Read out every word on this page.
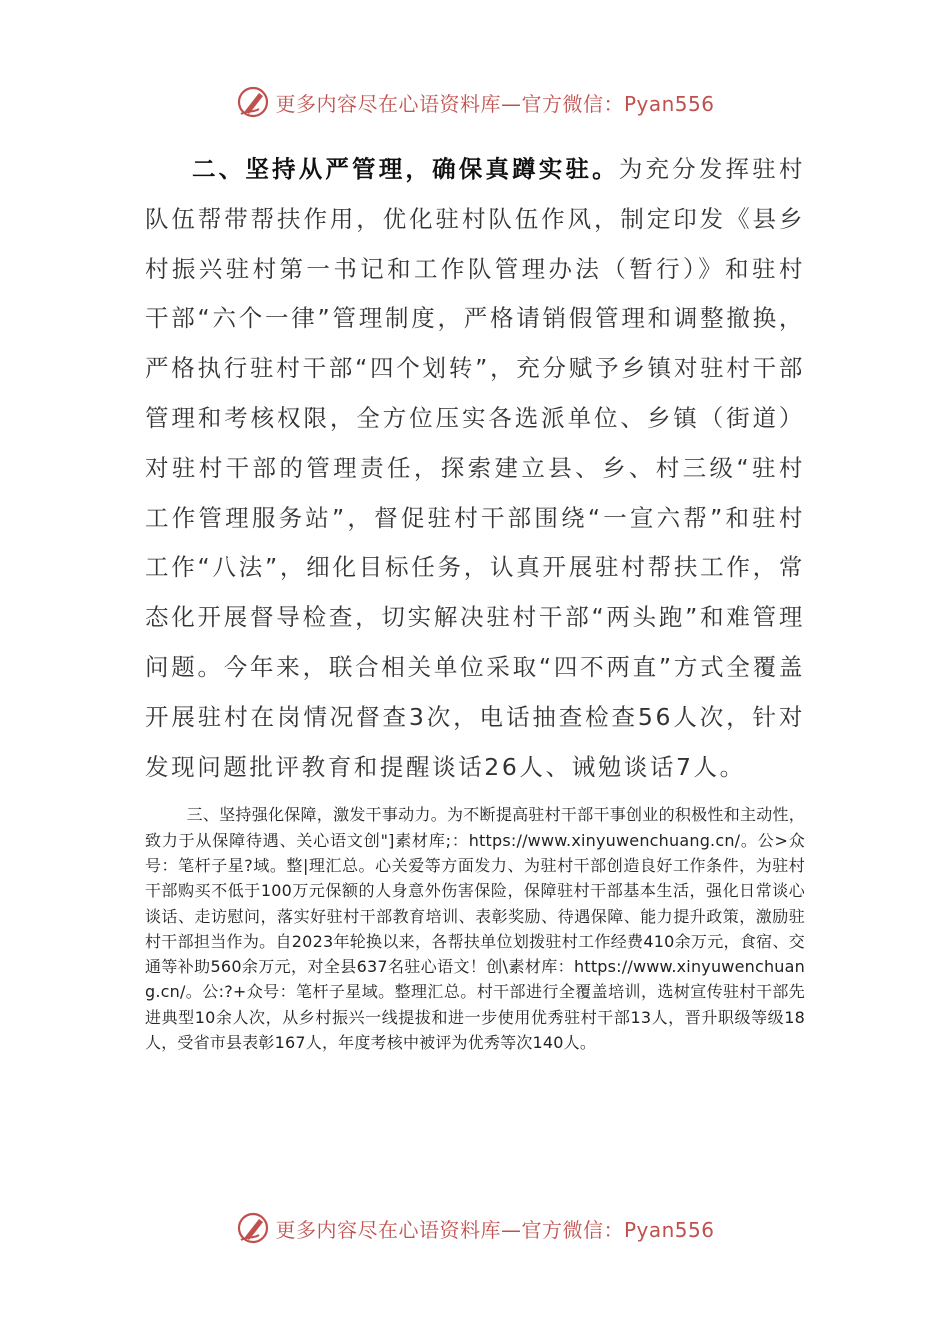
更多内容尽在心语资料库—官方微信：Pyan556

二、坚持从严管理，确保真蹲实驻。为充分发挥驻村队伍帮带帮扶作用，优化驻村队伍作风，制定印发《县乡村振兴驻村第一书记和工作队管理办法（暂行）》和驻村干部“六个一律”管理制度，严格请销假管理和调整撤换，严格执行驻村干部“四个划转”，充分赋予乡镇对驻村干部管理和考核权限，全方位压实各选派单位、乡镇（街道）对驻村干部的管理责任，探索建立县、乡、村三级“驻村工作管理服务站”，督促驻村干部围绕“一宣六帮”和驻村工作“八法”，细化目标任务，认真开展驻村帮扶工作，常态化开展督导检查，切实解决驻村干部“两头跑”和难管理问题。今年来，联合相关单位采取“四不两直”方式全覆盖开展驻村在岗情况督查3次，电话抽查检查56人次，针对发现问题批评教育和提醒谈话26人、诫勉谈话7人。

三、坚持强化保障，激发干事动力。为不断提高驻村干部干事创业的积极性和主动性，致力于从保障待遇、关心语文创"]素材库;：https://www.xinyuwenchuang.cn/。公>众号：笔杆子星?域。整|理汇总。心关爱等方面发力、为驻村干部创造良好工作条件，为驻村干部购买不低于100万元保额的人身意外伤害保险，保障驻村干部基本生活，强化日常谈心谈话、走访慰问，落实好驻村干部教育培训、表彰奖励、待遇保障、能力提升政策，激励驻村干部担当作为。自2023年轮换以来，各帮扶单位划拨驻村工作经费410余万元，食宿、交通等补助560余万元，对全县637名驻心语文！创\素材库：https://www.xinyuwenchuang.cn/。公:?+众号：笔杆子星域。整理汇总。村干部进行全覆盖培训，选树宣传驻村干部先进典型10余人次，从乡村振兴一线提拔和进一步使用优秀驻村干部13人，晋升职级等级18人，受省市县表彰167人，年度考核中被评为优秀等次140人。

更多内容尽在心语资料库—官方微信：Pyan556
